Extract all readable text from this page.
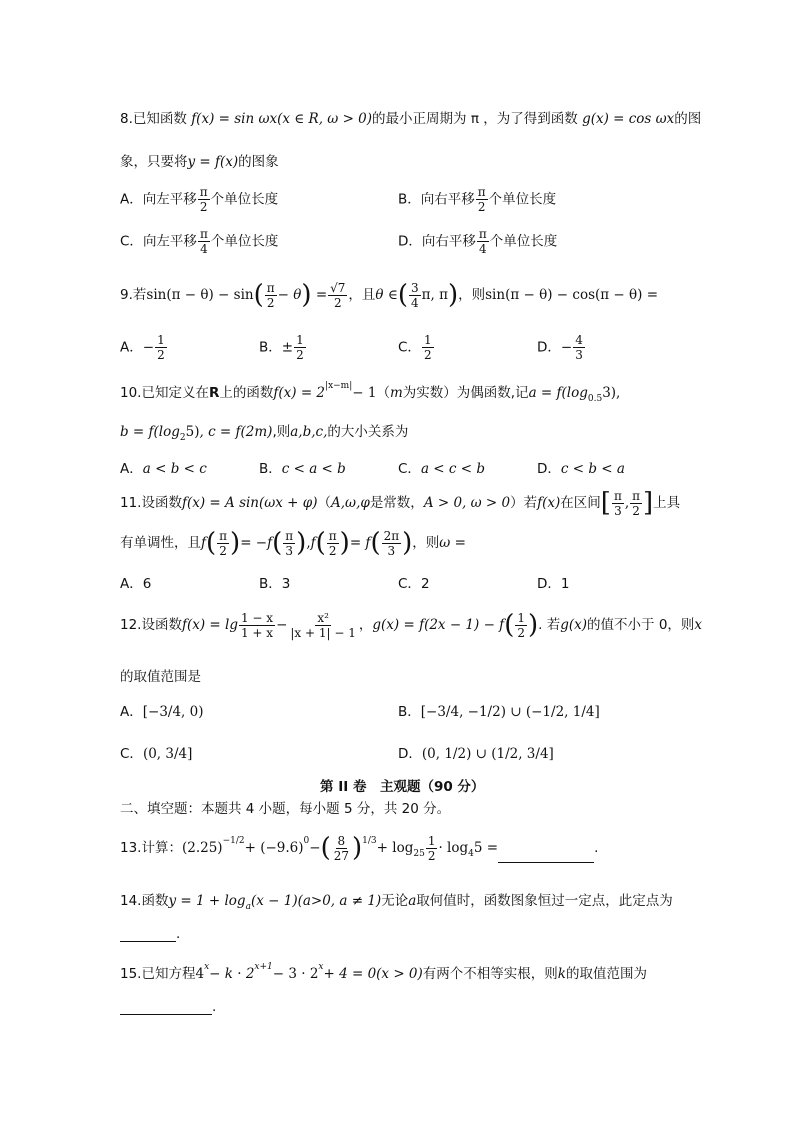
8.已知函数 f(x) = sin ωx(x ∈ R, ω > 0)的最小正周期为 π ，为了得到函数 g(x) = cos ωx的图
象，只要将y = f(x)的图象
A．向左平移 $\frac{\pi}{2}$ 个单位长度	B．向右平移 $\frac{\pi}{2}$ 个单位长度
C．向左平移 $\frac{\pi}{4}$ 个单位长度	D．向右平移 $\frac{\pi}{4}$ 个单位长度
9.若$\sin(\pi - \theta) - \sin( \frac{\pi}{2} - \theta) = \frac{√7}{2}$ ，且θ ∈( $\frac{3}{4} \pi$, π)，则sin(π − θ) − cos(π − θ) =
A．− $\frac{1}{2}$	B．± $\frac{1}{2}$	C． $\frac{1}{2}$	D．− $\frac{4}{3}$
10.已知定义在R上的函数$f(x) = 2^{|x-m|}- 1(m$为实数）为偶函数,记$a = f(\log_{0.5}3)$,
$b = f(\log_25)$, c = f(2m),则a,b,c,的大小关系为
A．a < b < c	B．c < a < b	C．a < c < b	D．c < b < a
11.设函数f(x) = A sin(ωx + φ)（A,ω,φ是常数，A > 0, ω > 0）若f(x)在区间[ $\frac{\pi}{3}$ , $\frac{\pi}{2}$ ]上具
有单调性，且$f( \frac{\pi}{2}$ )= $-f( \frac{\pi}{3} ),f( \frac{\pi}{2}$ )= $f( \frac{2\pi}{3}$ )，则ω =
A．6	B．3	C．2	D．1
12.设函数$f(x) = \lg \frac{1 - x}{1 + x} - \frac{\text{x²}}{|x + 1| - 1}$ ，$g(x) = f(2x - 1) - f( \frac{1}{2}$ ). 若g(x)的值不小于 0，则x
的取值范围是
A．[−3/4, 0)	B．[−3/4, −1/2) ∪ (−1/2, 1/4]
C．(0, 3/4]	D．(0, 1/2) ∪ (1/2, 3/4]
第 II 卷　主观题（90 分）
二、填空题：本题共 4 小题，每小题 5 分，共 20 分。
13.计算：$(2.25)^{-1/2}+ (-9.6)^0-( \frac{8}{27} )^{1/3}+ \log_{25} \frac{1}{2} \cdot \log_45$ =	.
14.函数$y = 1 + \log_a(x - 1)(a>0$, a ≠ 1)无论a取何值时，函数图象恒过一定点，此定点为
.
15.已知方程$4^x- k \cdot 2^{x+1}- 3 \cdot 2^x+ 4 = 0(x > 0)$有两个不相等实根，则k的取值范围为
.
